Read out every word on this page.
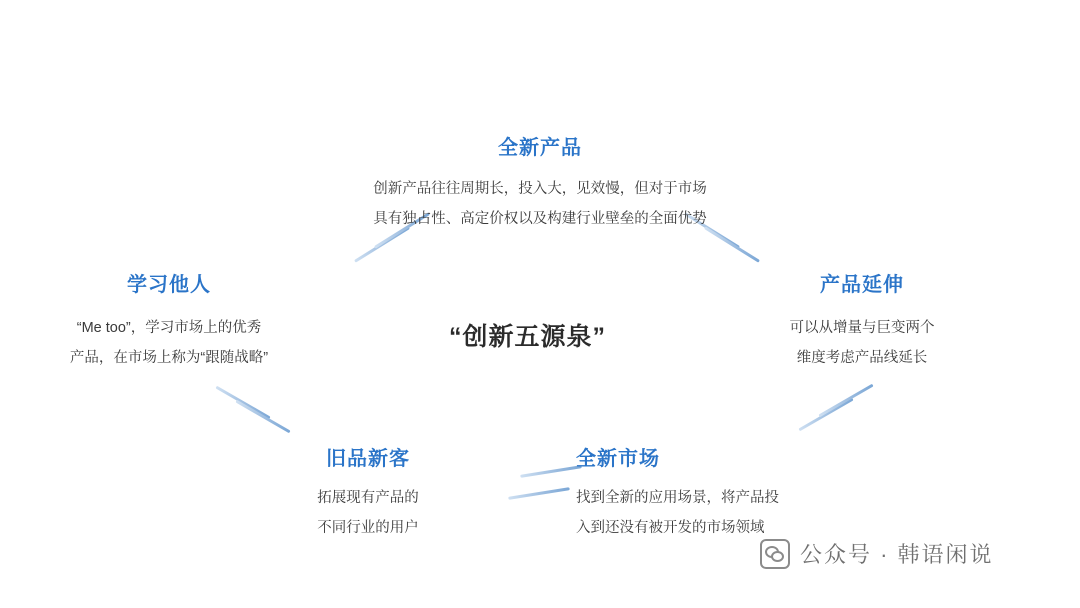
“创新五源泉”
全新产品
创新产品往往周期长，投入大，见效慢，但对于市场
具有独占性、高定价权以及构建行业壁垒的全面优势
产品延伸
可以从增量与巨变两个
维度考虑产品线延长
学习他人
“Me too”，学习市场上的优秀
产品，在市场上称为“跟随战略”
全新市场
找到全新的应用场景，将产品投
入到还没有被开发的市场领域
旧品新客
拓展现有产品的
不同行业的用户
公众号 · 韩语闲说
